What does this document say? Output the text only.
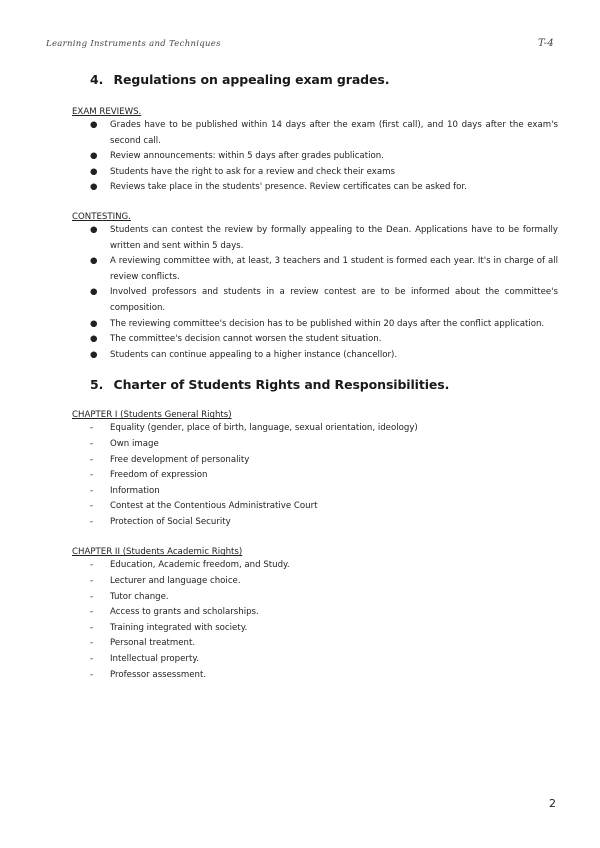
Learning Instruments and Techniques	T-4
4. Regulations on appealing exam grades.

EXAM REVIEWS.

● Grades have to be published within 14 days after the exam (first call), and 10 days after the exam's second call.
● Review announcements: within 5 days after grades publication.
● Students have the right to ask for a review and check their exams
● Reviews take place in the students' presence. Review certificates can be asked for.

CONTESTING.

● Students can contest the review by formally appealing to the Dean. Applications have to be formally written and sent within 5 days.
● A reviewing committee with, at least, 3 teachers and 1 student is formed each year. It's in charge of all review conflicts.
● Involved professors and students in a review contest are to be informed about the committee's composition.
● The reviewing committee's decision has to be published within 20 days after the conflict application.
● The committee's decision cannot worsen the student situation.
● Students can continue appealing to a higher instance (chancellor).
5. Charter of Students Rights and Responsibilities.

CHAPTER I (Students General Rights)

- Equality (gender, place of birth, language, sexual orientation, ideology)
- Own image
- Free development of personality
- Freedom of expression
- Information
- Contest at the Contentious Administrative Court
- Protection of Social Security

CHAPTER II (Students Academic Rights)

- Education, Academic freedom, and Study.
- Lecturer and language choice.
- Tutor change.
- Access to grants and scholarships.
- Training integrated with society.
- Personal treatment.
- Intellectual property.
- Professor assessment.
2
